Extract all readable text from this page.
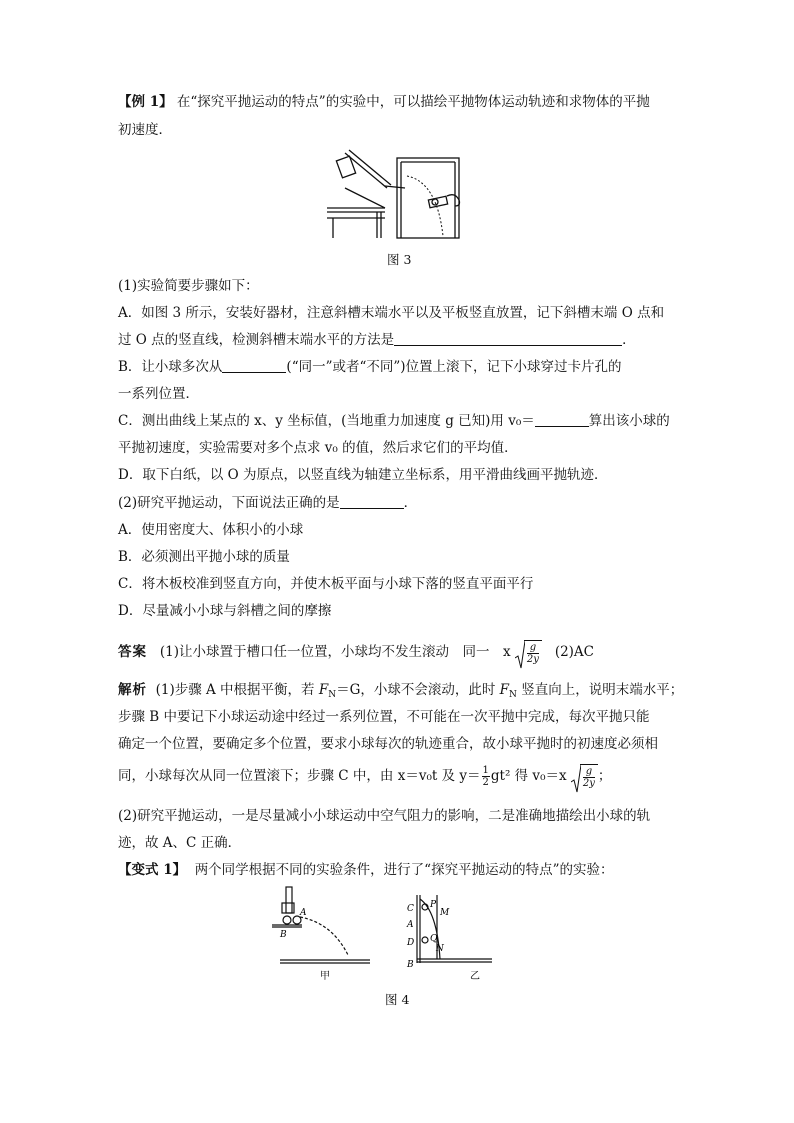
【例 1】 在“探究平抛运动的特点”的实验中，可以描绘平抛物体运动轨迹和求物体的平抛
初速度．
图 3
(1)实验简要步骤如下：
A．如图 3 所示，安装好器材，注意斜槽末端水平以及平板竖直放置，记下斜槽末端 O 点和
过 O 点的竖直线，检测斜槽末端水平的方法是	．
B．让小球多次从	(“同一”或者“不同”)位置上滚下，记下小球穿过卡片孔的
一系列位置．
C．测出曲线上某点的 x、y 坐标值，(当地重力加速度 g 已知)用 v₀＝	算出该小球的
平抛初速度，实验需要对多个点求 v₀ 的值，然后求它们的平均值．
D．取下白纸，以 O 为原点，以竖直线为轴建立坐标系，用平滑曲线画平抛轨迹．
(2)研究平抛运动，下面说法正确的是	．
A．使用密度大、体积小的小球
B．必须测出平抛小球的质量
C．将木板校准到竖直方向，并使木板平面与小球下落的竖直平面平行
D．尽量减小小球与斜槽之间的摩擦
答案 (1)让小球置于槽口任一位置，小球均不发生滚动　同一　x $\frac{g}{2y} (2)AC$
解析 (1)步骤 A 中根据平衡，若 $F_N=G$，小球不会滚动，此时 $F_N$ 竖直向上，说明末端水平；
步骤 B 中要记下小球运动途中经过一系列位置，不可能在一次平抛中完成，每次平抛只能
确定一个位置，要确定多个位置，要求小球每次的轨迹重合，故小球平抛时的初速度必须相
同，小球每次从同一位置滚下；步骤 C 中，由 x＝v₀t 及 $y= \frac{1}{2} gt^2$ 得 $v_0=x \frac{g}{2y}$ ；
(2)研究平抛运动，一是尽量减小小球运动中空气阻力的影响，二是准确地描绘出小球的轨
迹，故 A、C 正确．
【变式 1】 两个同学根据不同的实验条件，进行了“探究平抛运动的特点”的实验：
A
B
C P
M
A
D Q
N
B
甲	乙
图 4
